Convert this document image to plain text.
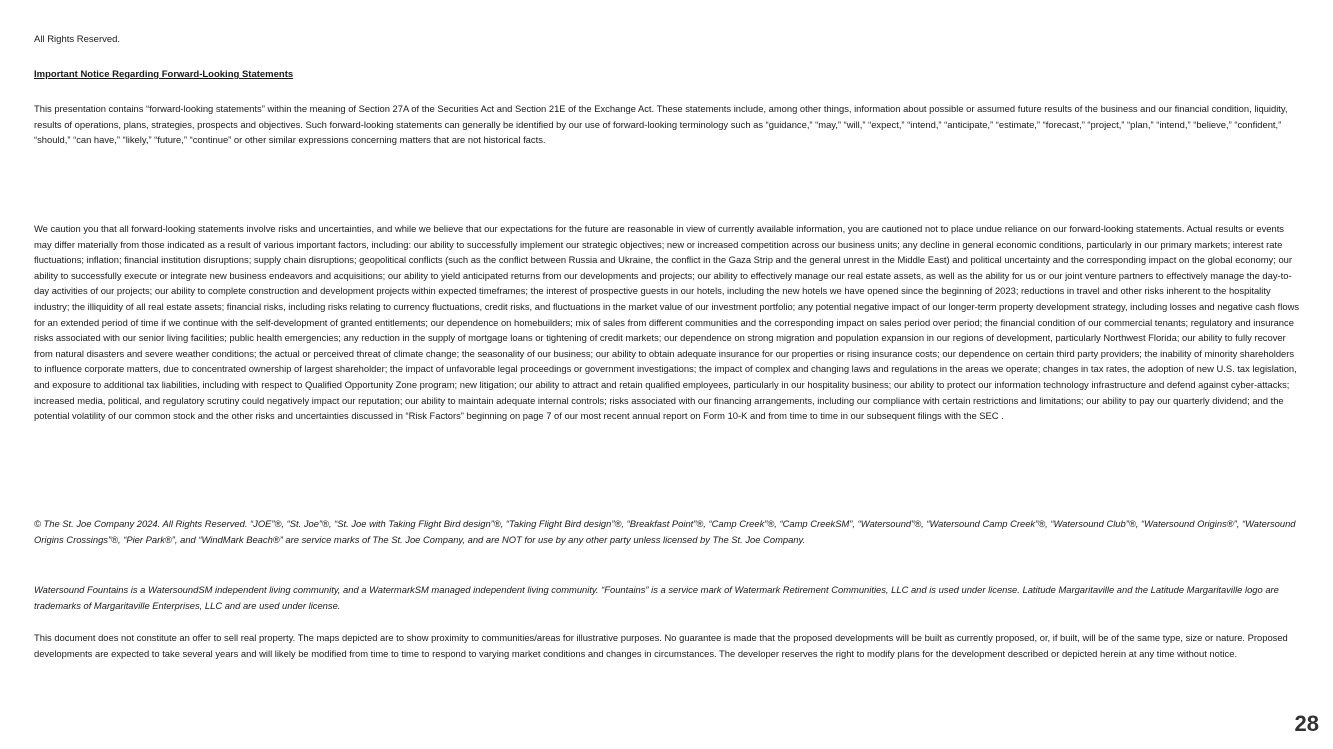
All Rights Reserved.

Important Notice Regarding Forward-Looking Statements

This presentation contains “forward-looking statements” within the meaning of Section 27A of the Securities Act and Section 21E of the Exchange Act. These statements include, among other things, information about possible or assumed future results of the business and our financial condition, liquidity, results of operations, plans, strategies, prospects and objectives. Such forward-looking statements can generally be identified by our use of forward-looking terminology such as “guidance,” “may,” “will,” “expect,” “intend,” “anticipate,” “estimate,” “forecast,” “project,” “plan,” “intend,” “believe,” “confident,” “should,” “can have,” “likely,” “future,” “continue” or other similar expressions concerning matters that are not historical facts.

We caution you that all forward-looking statements involve risks and uncertainties, and while we believe that our expectations for the future are reasonable in view of currently available information, you are cautioned not to place undue reliance on our forward-looking statements. Actual results or events may differ materially from those indicated as a result of various important factors, including: our ability to successfully implement our strategic objectives; new or increased competition across our business units; any decline in general economic conditions, particularly in our primary markets; interest rate fluctuations; inflation; financial institution disruptions; supply chain disruptions; geopolitical conflicts (such as the conflict between Russia and Ukraine, the conflict in the Gaza Strip and the general unrest in the Middle East) and political uncertainty and the corresponding impact on the global economy; our ability to successfully execute or integrate new business endeavors and acquisitions; our ability to yield anticipated returns from our developments and projects; our ability to effectively manage our real estate assets, as well as the ability for us or our joint venture partners to effectively manage the day-to-day activities of our projects; our ability to complete construction and development projects within expected timeframes; the interest of prospective guests in our hotels, including the new hotels we have opened since the beginning of 2023; reductions in travel and other risks inherent to the hospitality industry; the illiquidity of all real estate assets; financial risks, including risks relating to currency fluctuations, credit risks, and fluctuations in the market value of our investment portfolio; any potential negative impact of our longer-term property development strategy, including losses and negative cash flows for an extended period of time if we continue with the self-development of granted entitlements; our dependence on homebuilders; mix of sales from different communities and the corresponding impact on sales period over period; the financial condition of our commercial tenants; regulatory and insurance risks associated with our senior living facilities; public health emergencies; any reduction in the supply of mortgage loans or tightening of credit markets; our dependence on strong migration and population expansion in our regions of development, particularly Northwest Florida; our ability to fully recover from natural disasters and severe weather conditions; the actual or perceived threat of climate change; the seasonality of our business; our ability to obtain adequate insurance for our properties or rising insurance costs; our dependence on certain third party providers; the inability of minority shareholders to influence corporate matters, due to concentrated ownership of largest shareholder; the impact of unfavorable legal proceedings or government investigations; the impact of complex and changing laws and regulations in the areas we operate; changes in tax rates, the adoption of new U.S. tax legislation, and exposure to additional tax liabilities, including with respect to Qualified Opportunity Zone program; new litigation; our ability to attract and retain qualified employees, particularly in our hospitality business; our ability to protect our information technology infrastructure and defend against cyber-attacks; increased media, political, and regulatory scrutiny could negatively impact our reputation; our ability to maintain adequate internal controls; risks associated with our financing arrangements, including our compliance with certain restrictions and limitations; our ability to pay our quarterly dividend; and the potential volatility of our common stock and the other risks and uncertainties discussed in “Risk Factors” beginning on page 7 of our most recent annual report on Form 10-K and from time to time in our subsequent filings with the SEC .

© The St. Joe Company 2024. All Rights Reserved. “JOE”®, “St. Joe”®, “St. Joe with Taking Flight Bird design”®, “Taking Flight Bird design”®, “Breakfast Point”®, “Camp Creek”®, “Camp CreekSM”, “Watersound”®, “Watersound Camp Creek”®, “Watersound Club”®, “Watersound Origins®”, “Watersound Origins Crossings”®, “Pier Park®”, and “WindMark Beach®” are service marks of The St. Joe Company, and are NOT for use by any other party unless licensed by The St. Joe Company.

Watersound Fountains is a WatersoundSM independent living community, and a WatermarkSM managed independent living community. “Fountains” is a service mark of Watermark Retirement Communities, LLC and is used under license. Latitude Margaritaville and the Latitude Margaritaville logo are trademarks of Margaritaville Enterprises, LLC and are used under license.

This document does not constitute an offer to sell real property. The maps depicted are to show proximity to communities/areas for illustrative purposes. No guarantee is made that the proposed developments will be built as currently proposed, or, if built, will be of the same type, size or nature. Proposed developments are expected to take several years and will likely be modified from time to time to respond to varying market conditions and changes in circumstances. The developer reserves the right to modify plans for the development described or depicted herein at any time without notice.

28
